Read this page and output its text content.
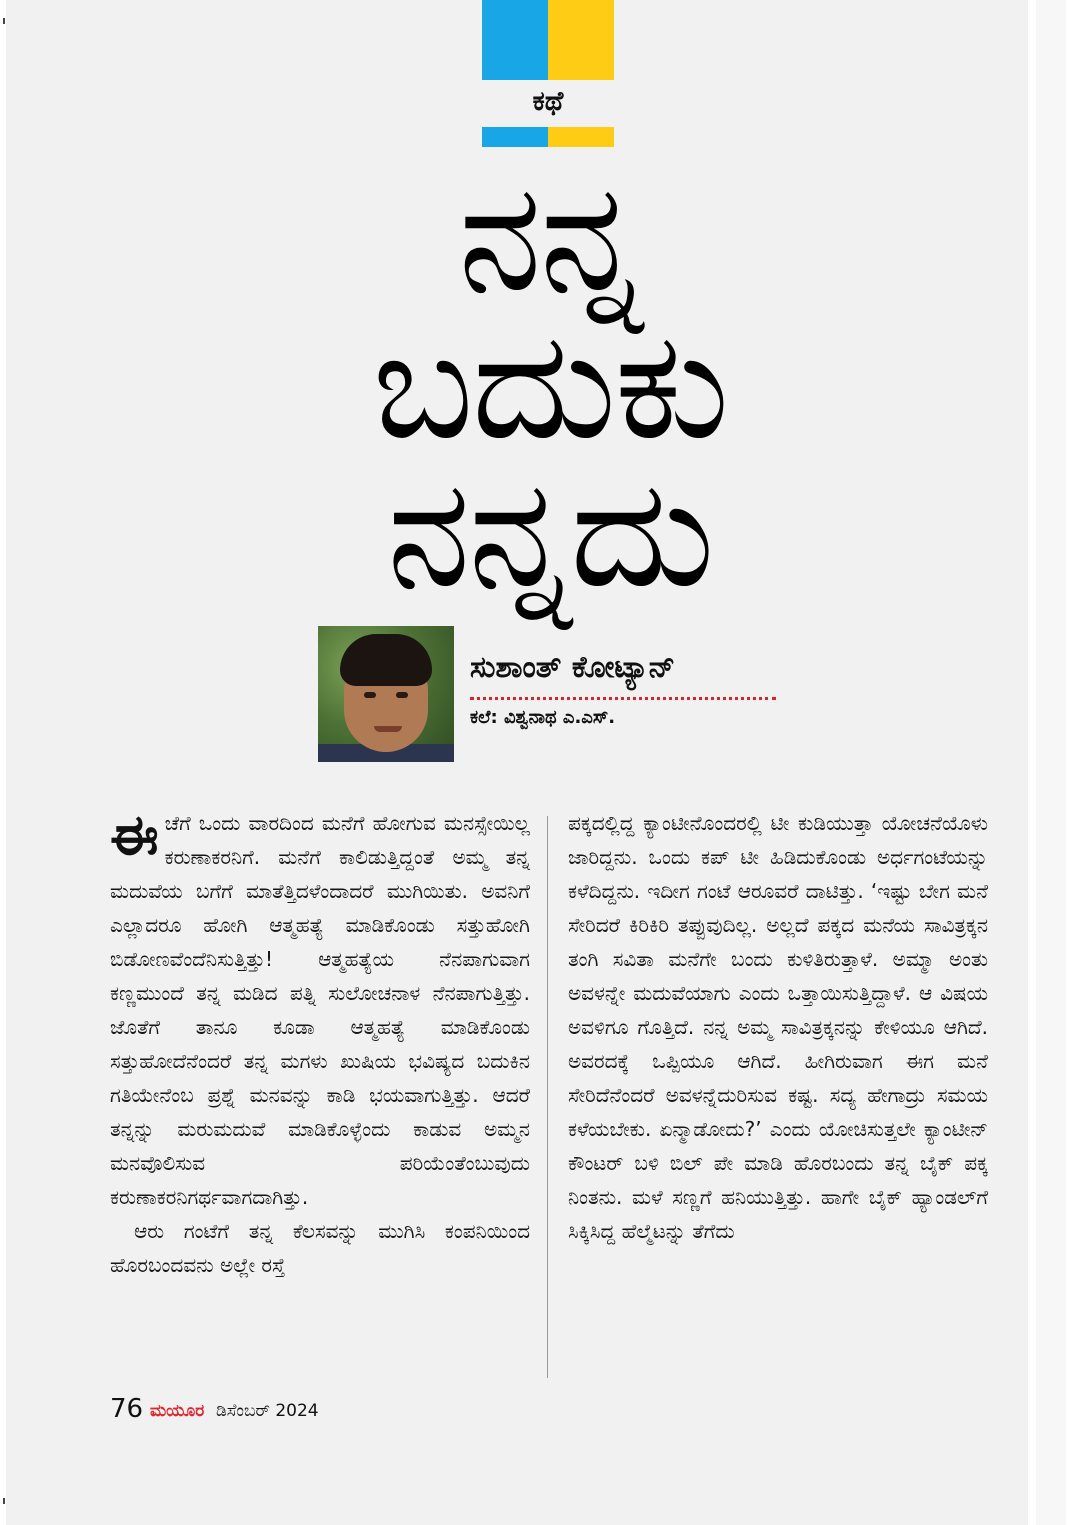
ಕಥೆ
ನನ್ನ
ಬದುಕು
ನನ್ನದು
ಸುಶಾಂತ್ ಕೋಟ್ಯಾನ್
ಕಲೆ: ವಿಶ್ವನಾಥ ಎ.ಎಸ್.

ಈ ಚೆಗೆ ಒಂದು ವಾರದಿಂದ ಮನೆಗೆ ಹೋಗುವ ಮನಸ್ಸೇಯಿಲ್ಲ ಕರುಣಾಕರನಿಗೆ. ಮನೆಗೆ ಕಾಲಿಡುತ್ತಿದ್ದಂತೆ ಅಮ್ಮ ತನ್ನ ಮದುವೆಯ ಬಗೆಗೆ ಮಾತೆತ್ತಿದಳೆಂದಾದರೆ ಮುಗಿಯಿತು. ಅವನಿಗೆ ಎಲ್ಲಾದರೂ ಹೋಗಿ ಆತ್ಮಹತ್ಯೆ ಮಾಡಿಕೊಂಡು ಸತ್ತುಹೋಗಿ ಬಿಡೋಣವೆಂದೆನಿಸುತ್ತಿತ್ತು! ಆತ್ಮಹತ್ಯೆಯ ನೆನಪಾಗುವಾಗ ಕಣ್ಣಮುಂದೆ ತನ್ನ ಮಡಿದ ಪತ್ನಿ ಸುಲೋಚನಾಳ ನೆನಪಾಗುತ್ತಿತ್ತು. ಜೊತೆಗೆ ತಾನೂ ಕೂಡಾ ಆತ್ಮಹತ್ಯೆ ಮಾಡಿಕೊಂಡು ಸತ್ತುಹೋದೆನೆಂದರೆ ತನ್ನ ಮಗಳು ಖುಷಿಯ ಭವಿಷ್ಯದ ಬದುಕಿನ ಗತಿಯೇನೆಂಬ ಪ್ರಶ್ನೆ ಮನವನ್ನು ಕಾಡಿ ಭಯವಾಗುತ್ತಿತ್ತು. ಆದರೆ ತನ್ನನ್ನು ಮರುಮದುವೆ ಮಾಡಿಕೊಳ್ಳೆಂದು ಕಾಡುವ ಅಮ್ಮನ ಮನವೊಲಿಸುವ ಪರಿಯೆಂತೆಂಬುವುದು ಕರುಣಾಕರನಿಗರ್ಥವಾಗದಾಗಿತ್ತು.

ಆರು ಗಂಟೆಗೆ ತನ್ನ ಕೆಲಸವನ್ನು ಮುಗಿಸಿ ಕಂಪನಿಯಿಂದ ಹೊರಬಂದವನು ಅಲ್ಲೇ ರಸ್ತೆ

ಪಕ್ಕದಲ್ಲಿದ್ದ ಕ್ಯಾಂಟೀನೊಂದರಲ್ಲಿ ಟೀ ಕುಡಿಯುತ್ತಾ ಯೋಚನೆಯೊಳು ಜಾರಿದ್ದನು. ಒಂದು ಕಪ್ ಟೀ ಹಿಡಿದುಕೊಂಡು ಅರ್ಧಗಂಟೆಯನ್ನು ಕಳೆದಿದ್ದನು. ಇದೀಗ ಗಂಟೆ ಆರೂವರೆ ದಾಟಿತ್ತು. ‘ಇಷ್ಟು ಬೇಗ ಮನೆ ಸೇರಿದರೆ ಕಿರಿಕಿರಿ ತಪ್ಪುವುದಿಲ್ಲ. ಅಲ್ಲದೆ ಪಕ್ಕದ ಮನೆಯ ಸಾವಿತ್ರಕ್ಕನ ತಂಗಿ ಸವಿತಾ ಮನೆಗೇ ಬಂದು ಕುಳಿತಿರುತ್ತಾಳೆ. ಅಮ್ಮಾ ಅಂತು ಅವಳನ್ನೇ ಮದುವೆಯಾಗು ಎಂದು ಒತ್ತಾಯಿಸುತ್ತಿದ್ದಾಳೆ. ಆ ವಿಷಯ ಅವಳಿಗೂ ಗೊತ್ತಿದೆ. ನನ್ನ ಅಮ್ಮ ಸಾವಿತ್ರಕ್ಕನನ್ನು ಕೇಳಿಯೂ ಆಗಿದೆ. ಅವರದಕ್ಕೆ ಒಪ್ಪಿಯೂ ಆಗಿದೆ. ಹೀಗಿರುವಾಗ ಈಗ ಮನೆ ಸೇರಿದೆನೆಂದರೆ ಅವಳನ್ನೆದುರಿಸುವ ಕಷ್ಟ. ಸದ್ಯ ಹೇಗಾದ್ರು ಸಮಯ ಕಳೆಯಬೇಕು. ಏನ್ಮಾಡೋದು?’ ಎಂದು ಯೋಚಿಸುತ್ತಲೇ ಕ್ಯಾಂಟೀನ್ ಕೌಂಟರ್ ಬಳಿ ಬಿಲ್ ಪೇ ಮಾಡಿ ಹೊರಬಂದು ತನ್ನ ಬೈಕ್ ಪಕ್ಕ ನಿಂತನು. ಮಳೆ ಸಣ್ಣಗೆ ಹನಿಯುತ್ತಿತ್ತು. ಹಾಗೇ ಬೈಕ್ ಹ್ಯಾಂಡಲ್‌ಗೆ ಸಿಕ್ಕಿಸಿದ್ದ ಹೆಲ್ಮೆಟನ್ನು ತೆಗೆದು

76 ಮಯೂರ ಡಿಸೆಂಬರ್ 2024
